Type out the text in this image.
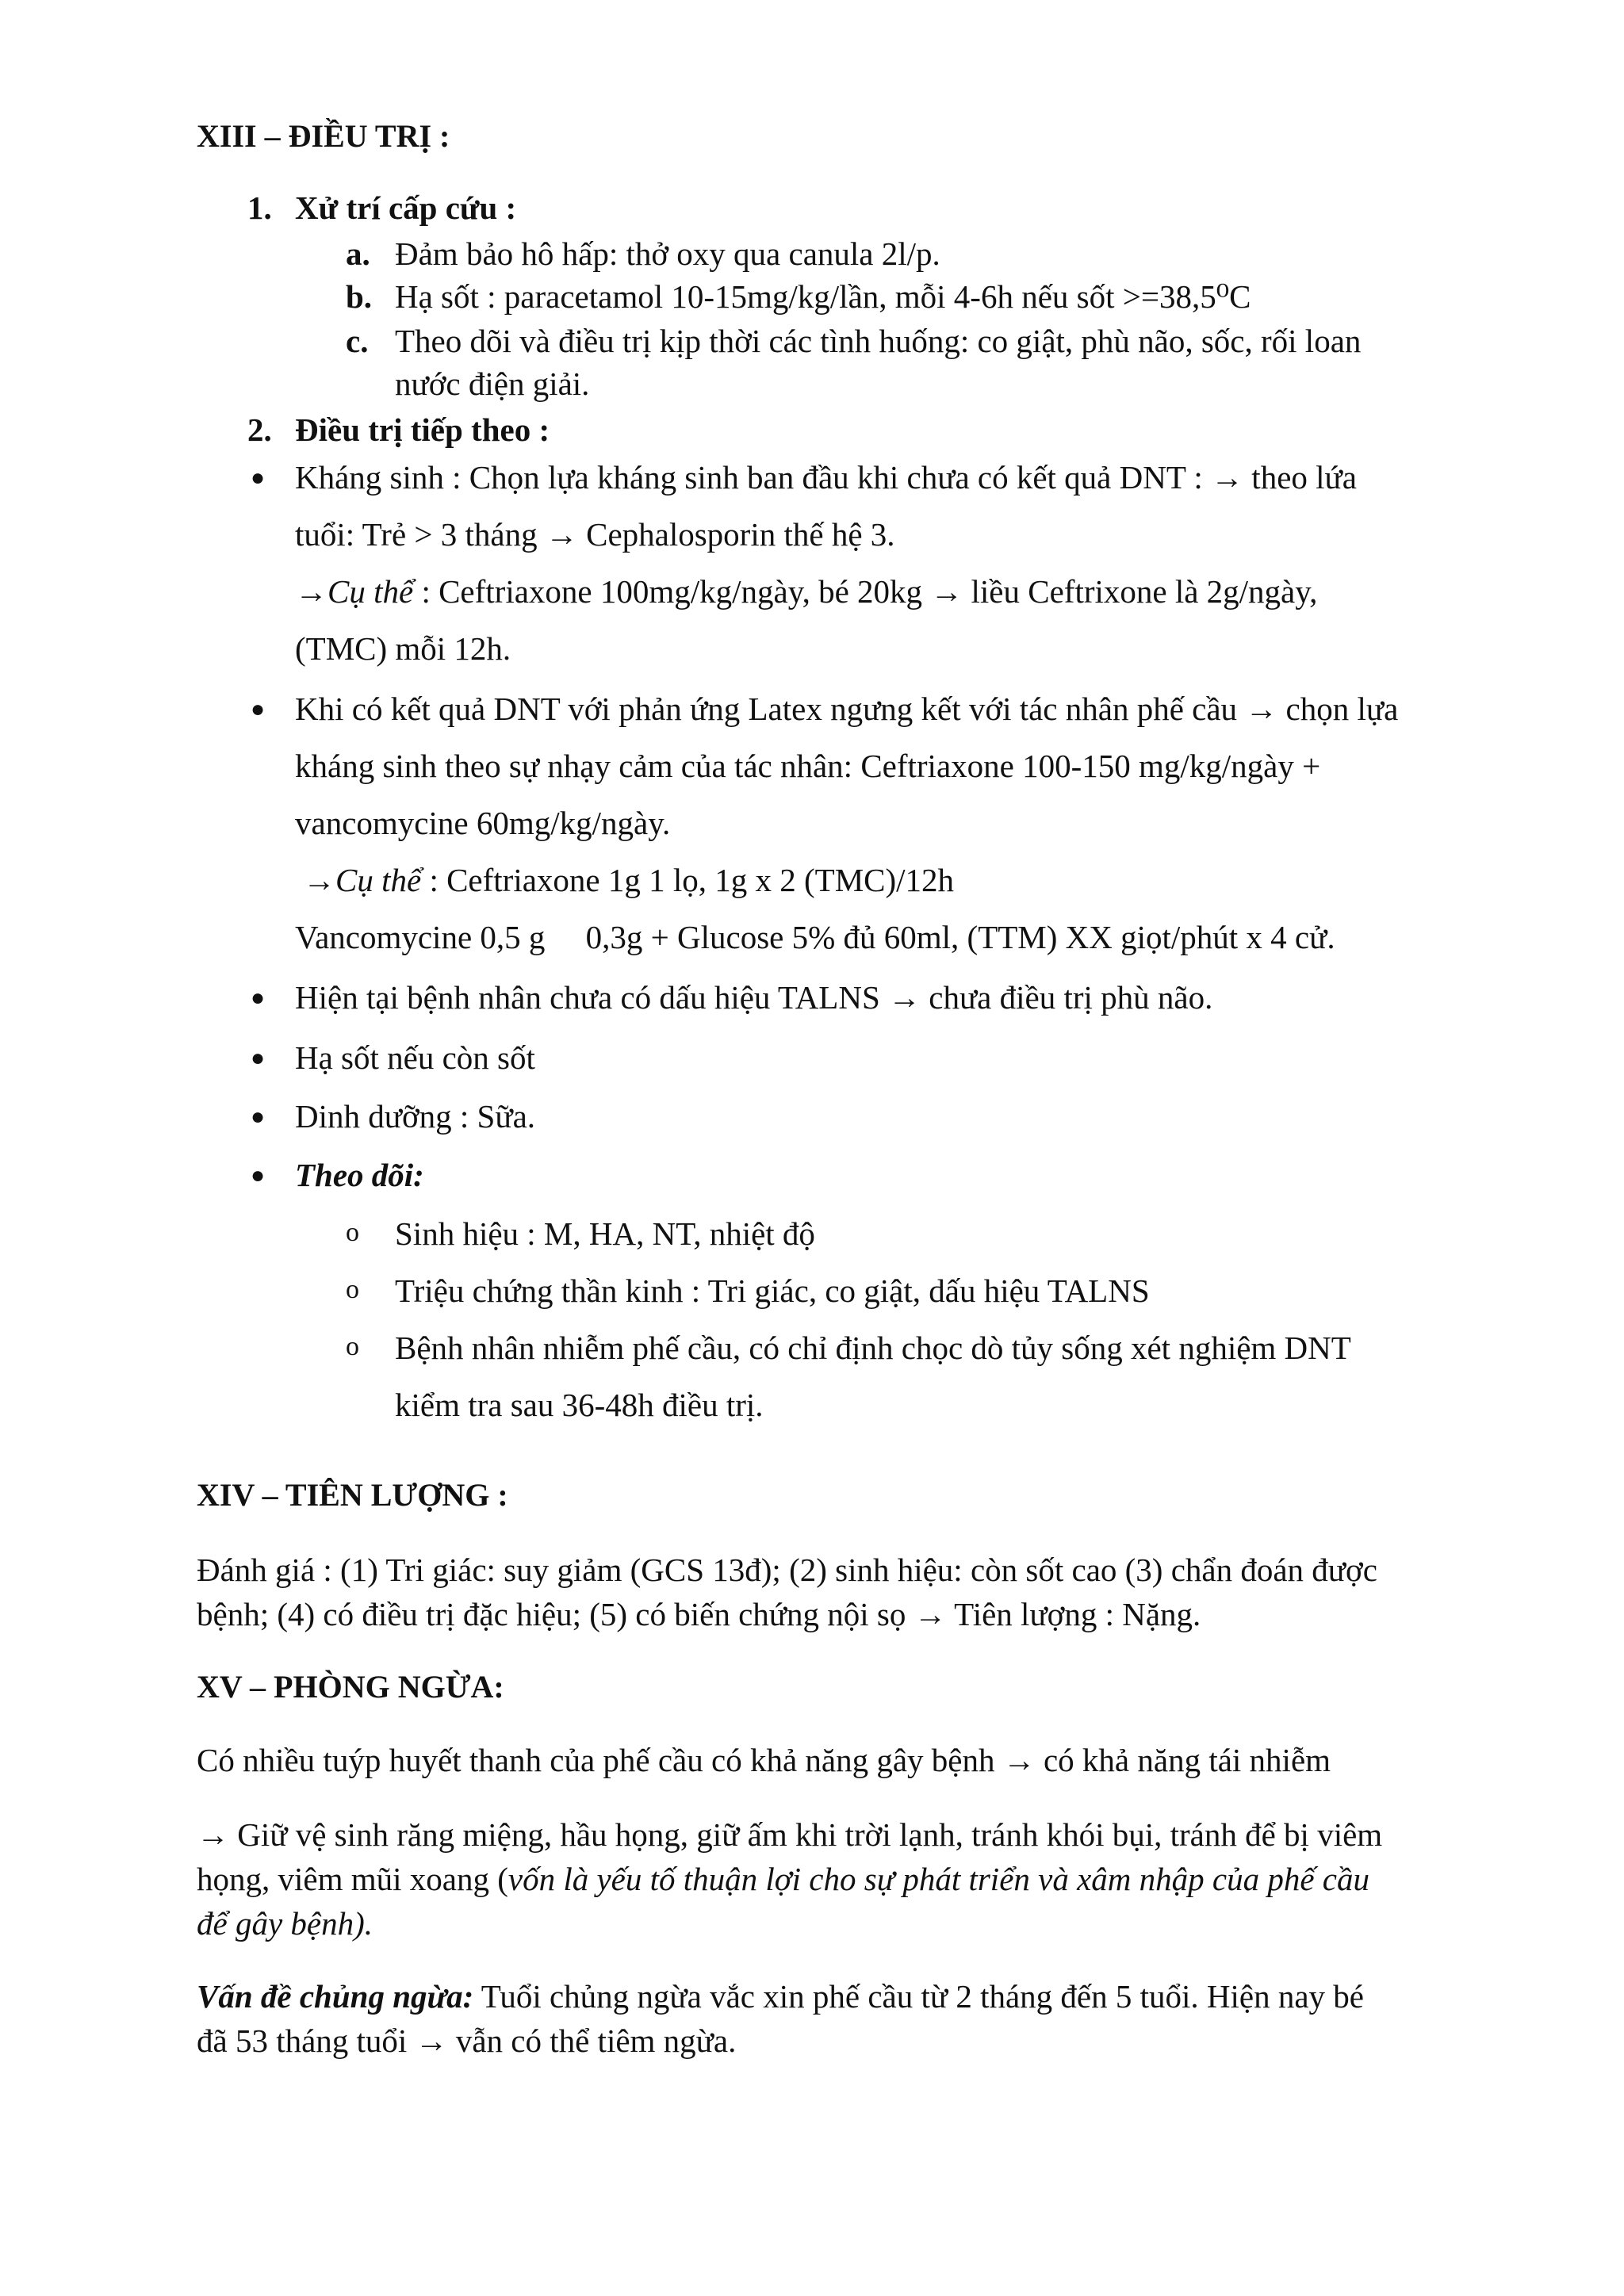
XIII – ĐIỀU TRỊ :
1. Xử trí cấp cứu :
a. Đảm bảo hô hấp: thở oxy qua canula 2l/p.
b. Hạ sốt : paracetamol 10-15mg/kg/lần, mỗi 4-6h nếu sốt >=38,5⁰C
c. Theo dõi và điều trị kịp thời các tình huống: co giật, phù não, sốc, rối loan
nước điện giải.
2. Điều trị tiếp theo :
● Kháng sinh : Chọn lựa kháng sinh ban đầu khi chưa có kết quả DNT : → theo lứa
tuổi: Trẻ > 3 tháng → Cephalosporin thế hệ 3.
→Cụ thể : Ceftriaxone 100mg/kg/ngày, bé 20kg → liều Ceftrixone là 2g/ngày,
(TMC) mỗi 12h.
● Khi có kết quả DNT với phản ứng Latex ngưng kết với tác nhân phế cầu → chọn lựa
kháng sinh theo sự nhạy cảm của tác nhân: Ceftriaxone 100-150 mg/kg/ngày +
vancomycine 60mg/kg/ngày.
→Cụ thể : Ceftriaxone 1g 1 lọ, 1g x 2 (TMC)/12h
Vancomycine 0,5 g     0,3g + Glucose 5% đủ 60ml, (TTM) XX giọt/phút x 4 cử.
● Hiện tại bệnh nhân chưa có dấu hiệu TALNS → chưa điều trị phù não.
● Hạ sốt nếu còn sốt
● Dinh dưỡng : Sữa.
● Theo dõi:
o Sinh hiệu : M, HA, NT, nhiệt độ
o Triệu chứng thần kinh : Tri giác, co giật, dấu hiệu TALNS
o Bệnh nhân nhiễm phế cầu, có chỉ định chọc dò tủy sống xét nghiệm DNT
kiểm tra sau 36-48h điều trị.
XIV – TIÊN LƯỢNG :
Đánh giá : (1) Tri giác: suy giảm (GCS 13đ); (2) sinh hiệu: còn sốt cao (3) chẩn đoán được
bệnh; (4) có điều trị đặc hiệu; (5) có biến chứng nội sọ → Tiên lượng : Nặng.
XV – PHÒNG NGỪA:
Có nhiều tuýp huyết thanh của phế cầu có khả năng gây bệnh → có khả năng tái nhiễm
→ Giữ vệ sinh răng miệng, hầu họng, giữ ấm khi trời lạnh, tránh khói bụi, tránh để bị viêm
họng, viêm mũi xoang (vốn là yếu tố thuận lợi cho sự phát triển và xâm nhập của phế cầu
để gây bệnh).
Vấn đề chủng ngừa: Tuổi chủng ngừa vắc xin phế cầu từ 2 tháng đến 5 tuổi. Hiện nay bé
đã 53 tháng tuổi → vẫn có thể tiêm ngừa.
